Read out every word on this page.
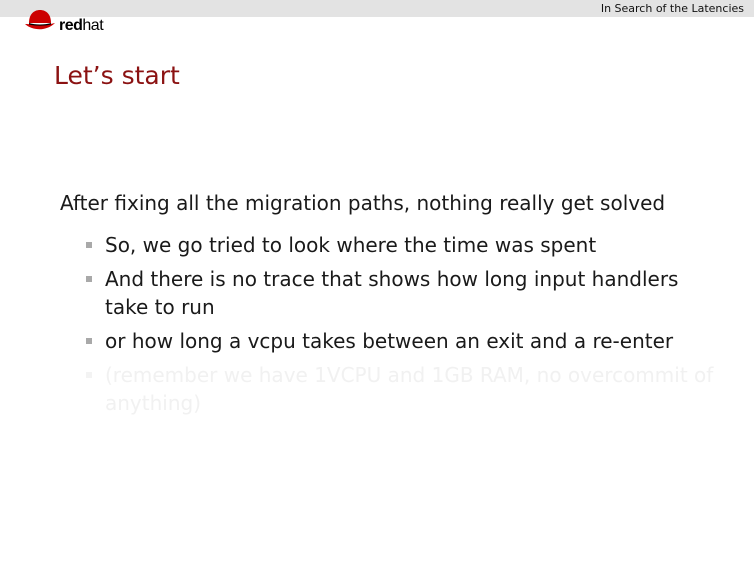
In Search of the Latencies
redhat
Let’s start
After fixing all the migration paths, nothing really get solved
So, we go tried to look where the time was spent
And there is no trace that shows how long input handlers take to run
or how long a vcpu takes between an exit and a re-enter
(remember we have 1VCPU and 1GB RAM, no overcommit of anything)
